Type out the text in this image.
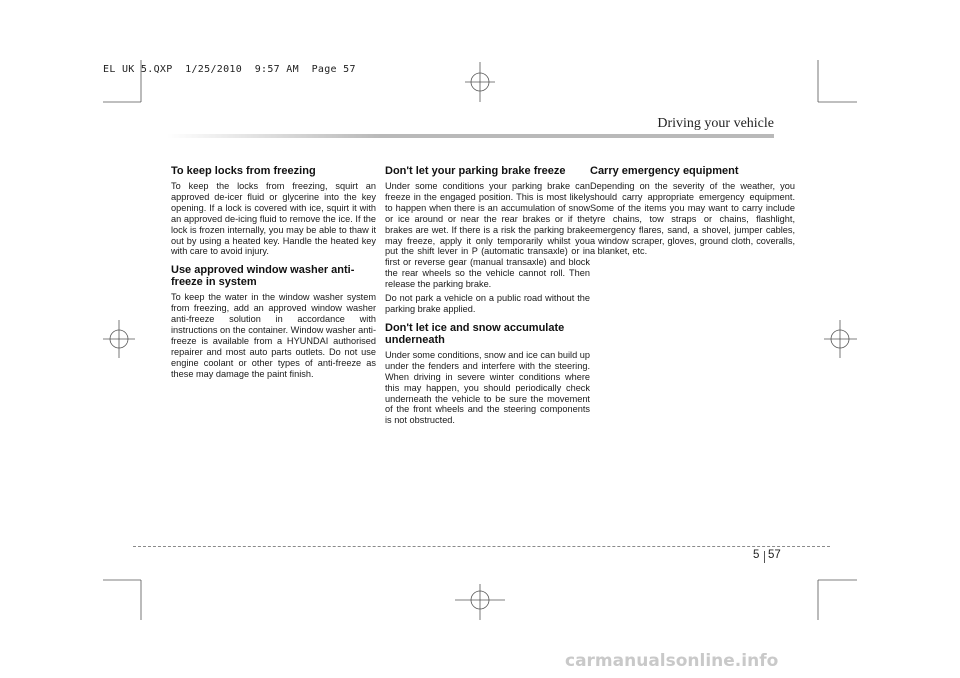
EL UK 5.QXP  1/25/2010  9:57 AM  Page 57
Driving your vehicle
To keep locks from freezing

To keep the locks from freezing, squirt an approved de-icer fluid or glycerine into the key opening. If a lock is covered with ice, squirt it with an approved de-icing fluid to remove the ice. If the lock is frozen internally, you may be able to thaw it out by using a heated key. Handle the heated key with care to avoid injury.

Use approved window washer anti-freeze in system

To keep the water in the window washer system from freezing, add an approved window washer anti-freeze solution in accordance with instructions on the container. Window washer anti-freeze is available from a HYUNDAI authorised repairer and most auto parts outlets. Do not use engine coolant or other types of anti-freeze as these may damage the paint finish.

Don't let your parking brake freeze

Under some conditions your parking brake can freeze in the engaged position. This is most likely to happen when there is an accumulation of snow or ice around or near the rear brakes or if the brakes are wet. If there is a risk the parking brake may freeze, apply it only temporarily whilst you put the shift lever in P (automatic transaxle) or in first or reverse gear (manual transaxle) and block the rear wheels so the vehicle cannot roll. Then release the parking brake.

Do not park a vehicle on a public road without the parking brake applied.

Don't let ice and snow accumulate underneath

Under some conditions, snow and ice can build up under the fenders and interfere with the steering. When driving in severe winter conditions where this may happen, you should periodically check underneath the vehicle to be sure the movement of the front wheels and the steering components is not obstructed.

Carry emergency equipment

Depending on the severity of the weather, you should carry appropriate emergency equipment. Some of the items you may want to carry include tyre chains, tow straps or chains, flashlight, emergency flares, sand, a shovel, jumper cables, a window scraper, gloves, ground cloth, coveralls, a blanket, etc.

5 57
carmanualsonline.info
